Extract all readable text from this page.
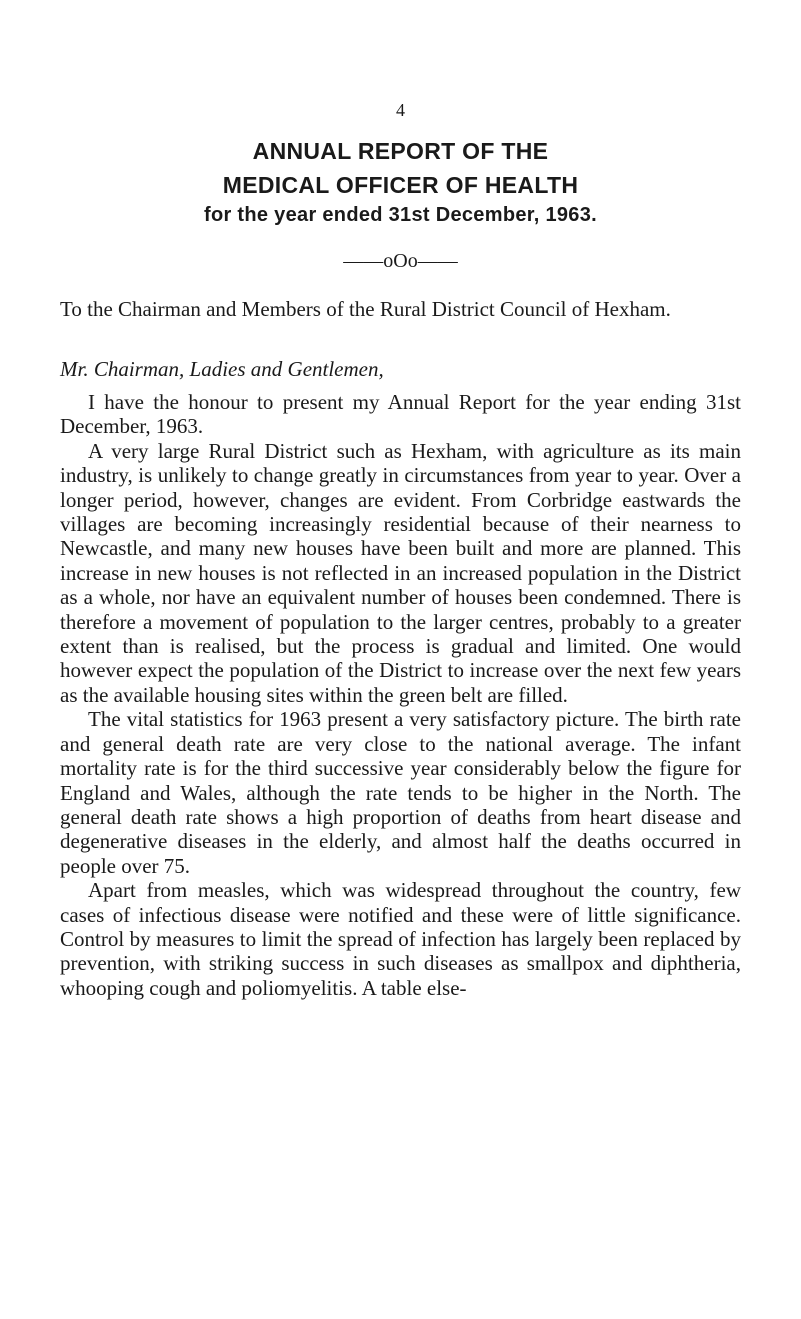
4
ANNUAL REPORT OF THE
MEDICAL OFFICER OF HEALTH
for the year ended 31st December, 1963.
——oOo——
To the Chairman and Members of the Rural District Council of Hexham.
Mr. Chairman, Ladies and Gentlemen,

I have the honour to present my Annual Report for the year ending 31st December, 1963.

A very large Rural District such as Hexham, with agriculture as its main industry, is unlikely to change greatly in circumstances from year to year. Over a longer period, however, changes are evident. From Corbridge eastwards the villages are becoming increasingly residential because of their nearness to Newcastle, and many new houses have been built and more are planned. This increase in new houses is not reflected in an increased population in the District as a whole, nor have an equivalent number of houses been condemned. There is therefore a movement of population to the larger centres, probably to a greater extent than is realised, but the process is gradual and limited. One would however expect the population of the District to increase over the next few years as the available housing sites within the green belt are filled.

The vital statistics for 1963 present a very satisfactory picture. The birth rate and general death rate are very close to the national average. The infant mortality rate is for the third successive year considerably below the figure for England and Wales, although the rate tends to be higher in the North. The general death rate shows a high proportion of deaths from heart disease and degenerative diseases in the elderly, and almost half the deaths occurred in people over 75.

Apart from measles, which was widespread throughout the country, few cases of infectious disease were notified and these were of little significance. Control by measures to limit the spread of infection has largely been replaced by prevention, with striking success in such diseases as smallpox and diphtheria, whooping cough and poliomyelitis. A table else-
